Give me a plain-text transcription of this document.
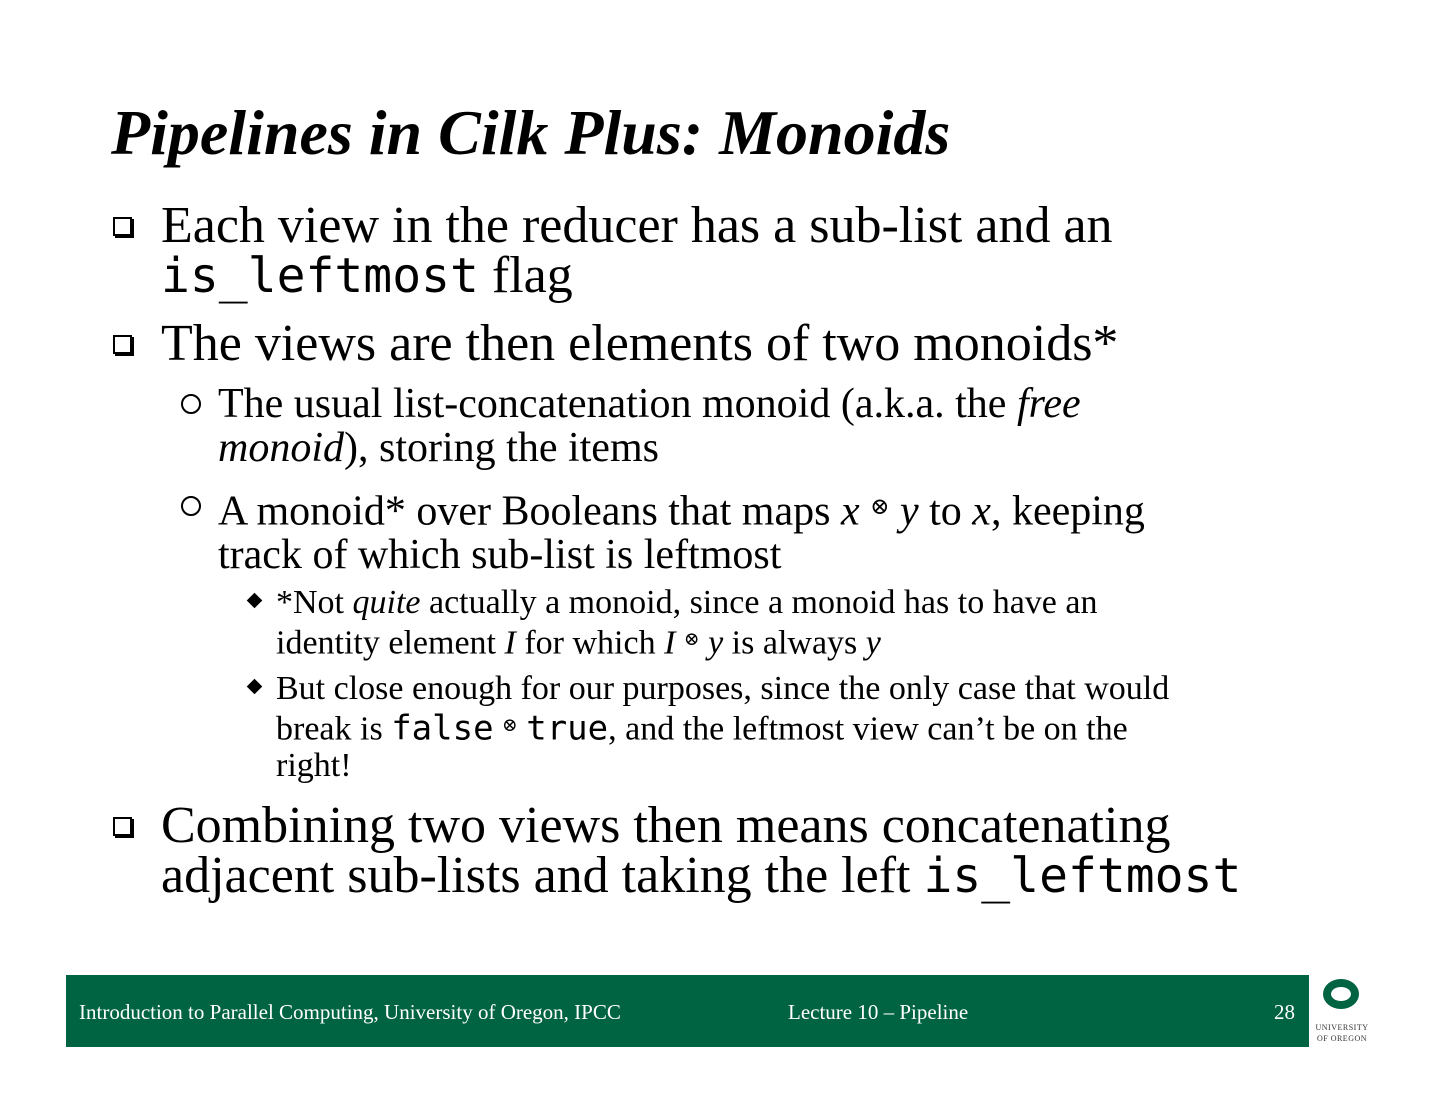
Pipelines in Cilk Plus: Monoids
Each view in the reducer has a sub-list and an
is_leftmost flag
The views are then elements of two monoids*
The usual list-concatenation monoid (a.k.a. the free
monoid), storing the items
A monoid* over Booleans that maps x ⊗ y to x, keeping
track of which sub-list is leftmost
*Not quite actually a monoid, since a monoid has to have an
identity element I for which I ⊗ y is always y
But close enough for our purposes, since the only case that would
break is false ⊗ true, and the leftmost view can’t be on the
right!
Combining two views then means concatenating
adjacent sub-lists and taking the left is_leftmost
Introduction to Parallel Computing, University of Oregon, IPCC	Lecture 10 – Pipeline	28
UNIVERSITY
OF OREGON
